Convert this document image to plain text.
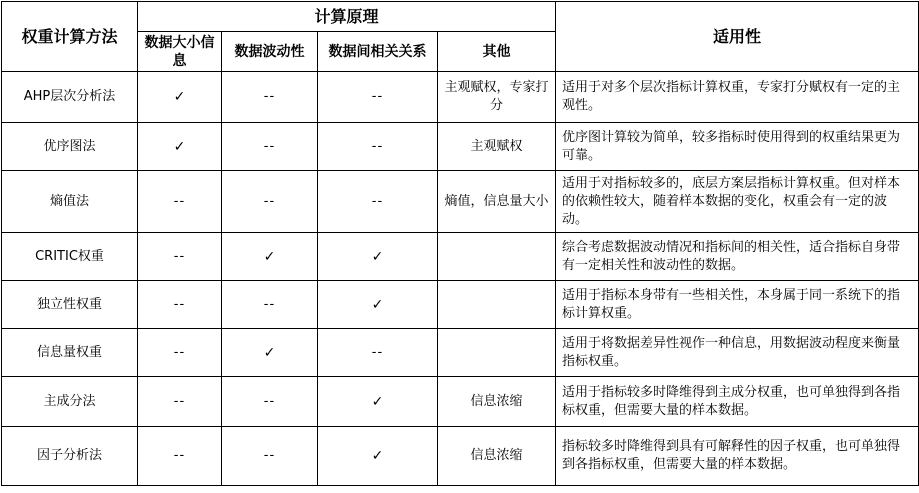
权重计算方法	计算原理				适用性
	数据大小信息	数据波动性	数据间相关关系	其他	
AHP层次分析法	✓	--	--	主观赋权，专家打分	适用于对多个层次指标计算权重，专家打分赋权有一定的主观性。
优序图法	✓	--	--	主观赋权	优序图计算较为简单，较多指标时使用得到的权重结果更为可靠。
熵值法	--	--	--	熵值，信息量大小	适用于对指标较多的，底层方案层指标计算权重。但对样本的依赖性较大，随着样本数据的变化，权重会有一定的波动。
CRITIC权重	--	✓	✓		综合考虑数据波动情况和指标间的相关性，适合指标自身带有一定相关性和波动性的数据。
独立性权重	--	--	✓		适用于指标本身带有一些相关性，本身属于同一系统下的指标计算权重。
信息量权重	--	✓	--		适用于将数据差异性视作一种信息，用数据波动程度来衡量指标权重。
主成分法	--	--	✓	信息浓缩	适用于指标较多时降维得到主成分权重，也可单独得到各指标权重，但需要大量的样本数据。
因子分析法	--	--	✓	信息浓缩	指标较多时降维得到具有可解释性的因子权重，也可单独得到各指标权重，但需要大量的样本数据。
